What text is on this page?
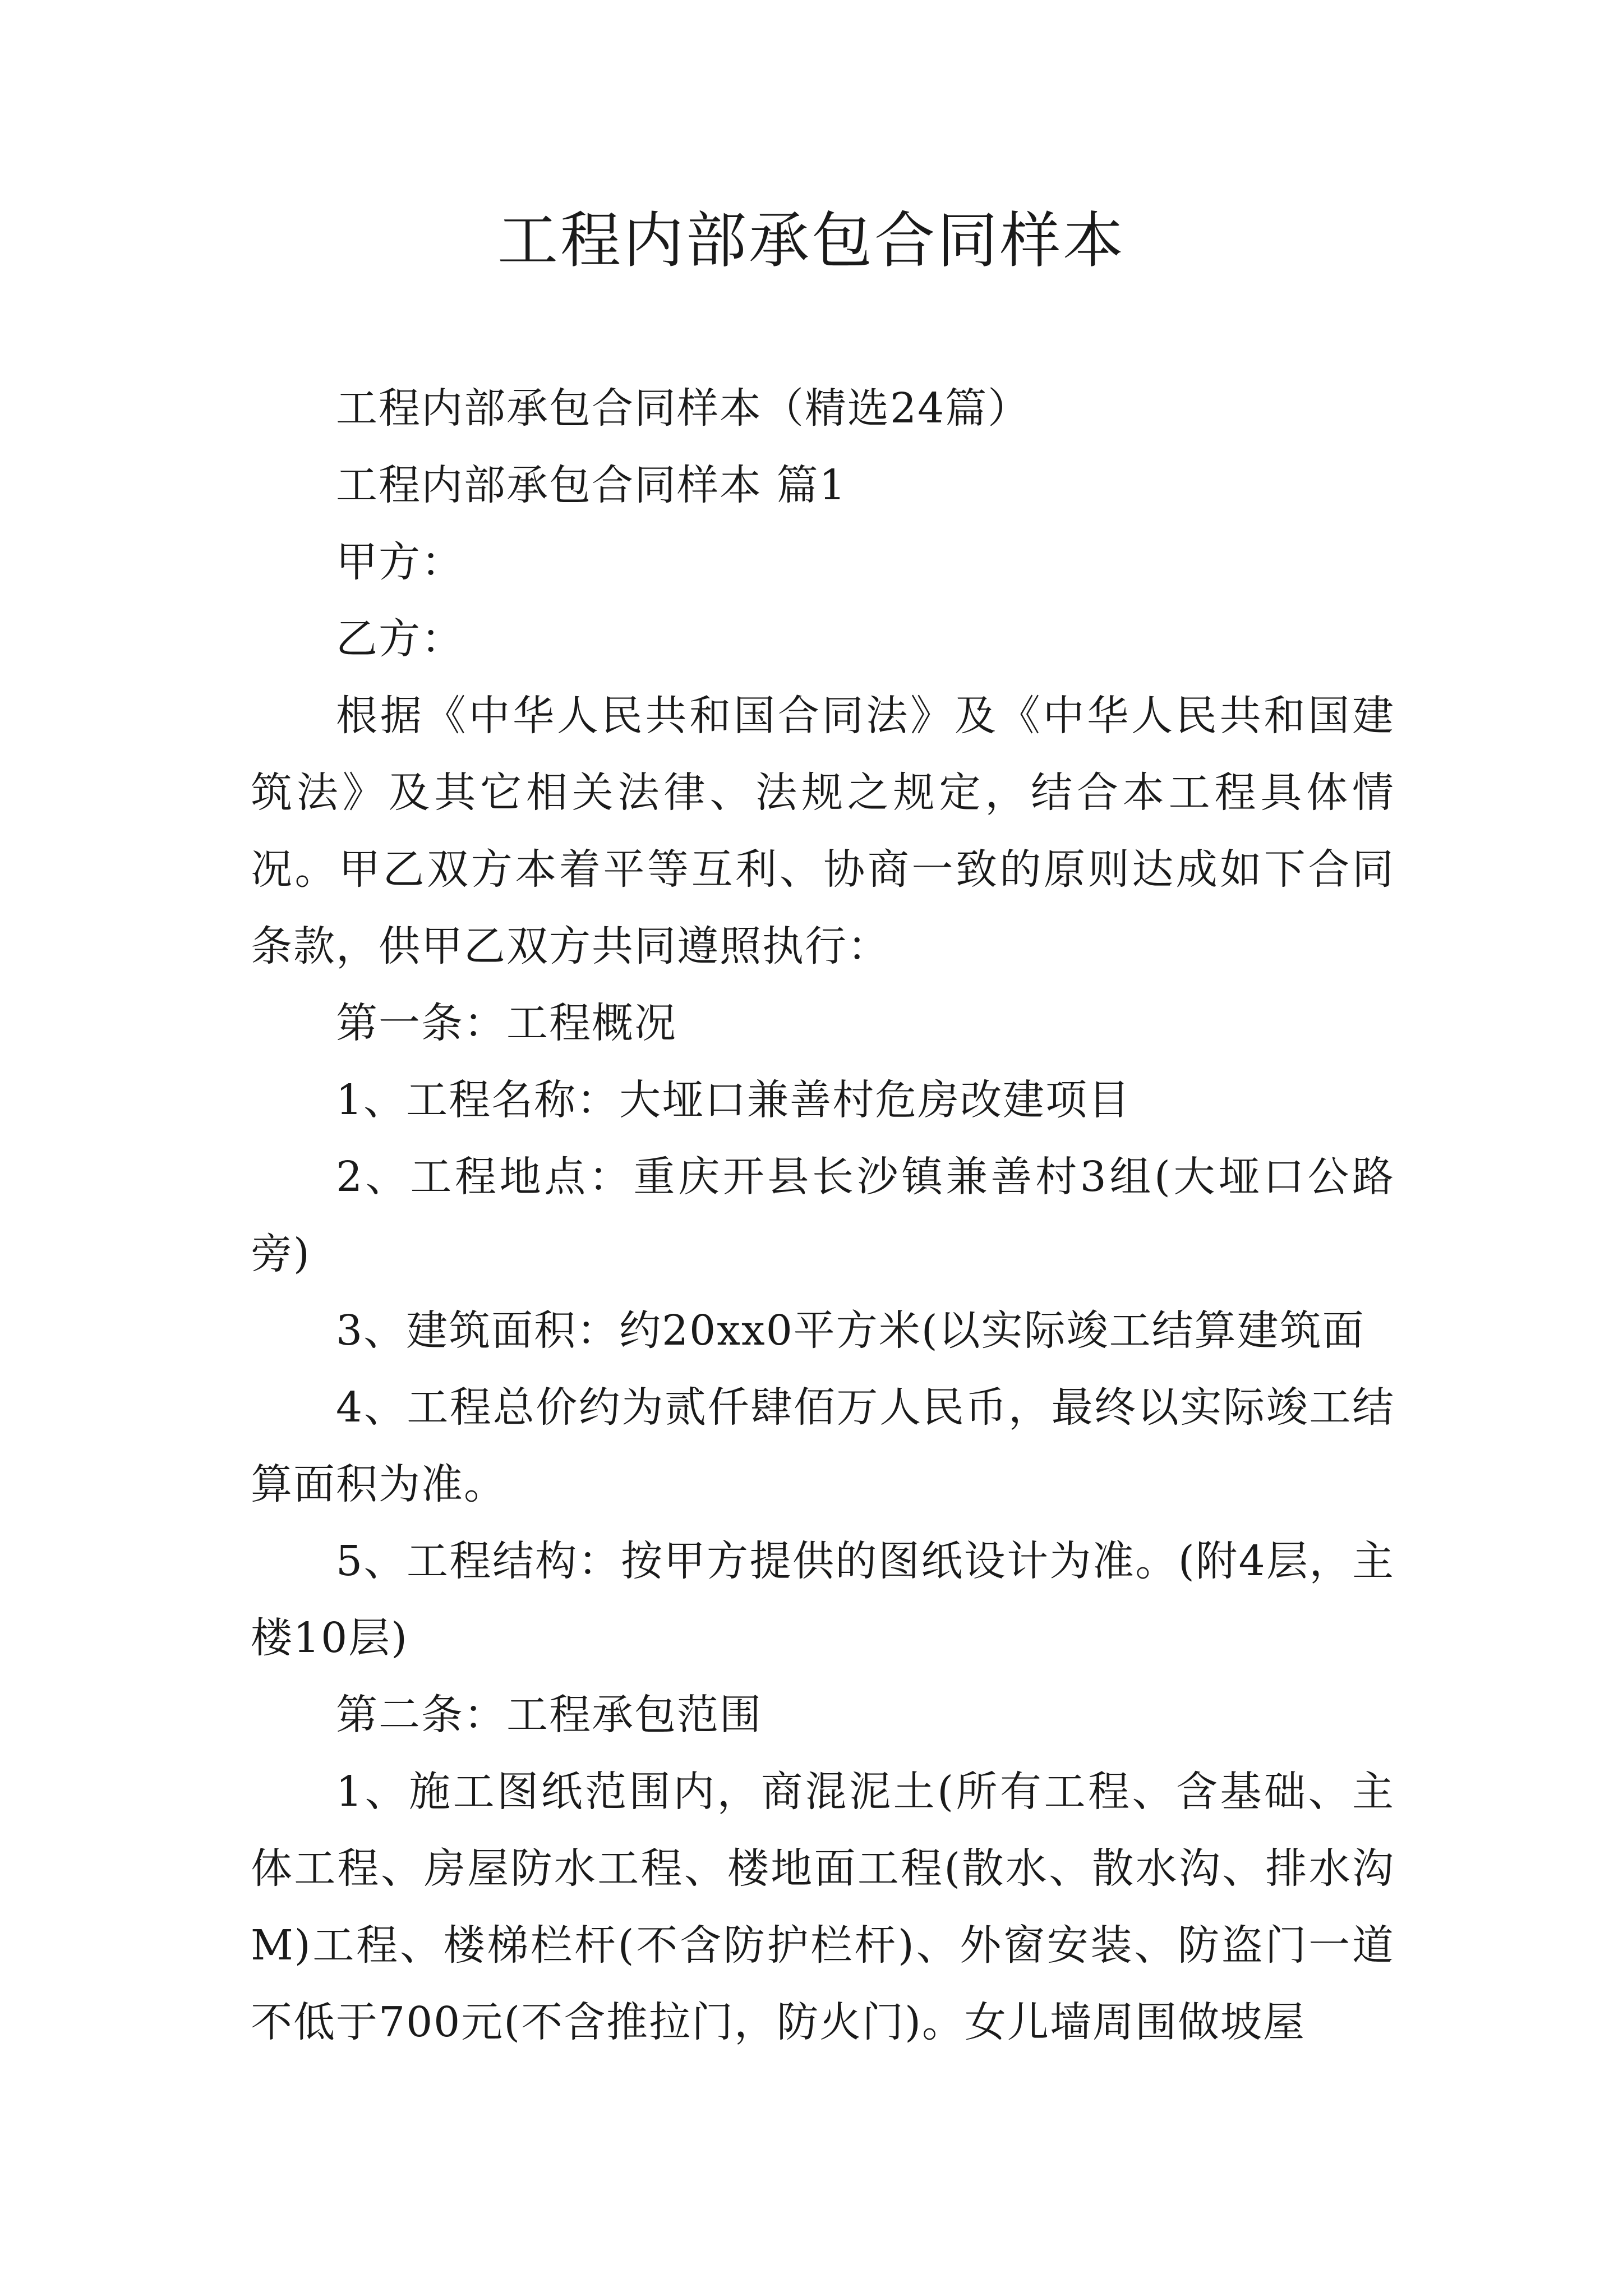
工程内部承包合同样本

工程内部承包合同样本（精选24篇）

工程内部承包合同样本 篇1

甲方：

乙方：

根据《中华人民共和国合同法》及《中华人民共和国建筑法》及其它相关法律、法规之规定，结合本工程具体情况。甲乙双方本着平等互利、协商一致的原则达成如下合同条款，供甲乙双方共同遵照执行：

第一条：工程概况

1、工程名称：大垭口兼善村危房改建项目

2、工程地点：重庆开县长沙镇兼善村3组(大垭口公路旁)

3、建筑面积：约20xx0平方米(以实际竣工结算建筑面

4、工程总价约为贰仟肆佰万人民币，最终以实际竣工结算面积为准。

5、工程结构：按甲方提供的图纸设计为准。(附4层，主楼10层)

第二条：工程承包范围

1、施工图纸范围内，商混泥土(所有工程、含基础、主体工程、房屋防水工程、楼地面工程(散水、散水沟、排水沟M)工程、楼梯栏杆(不含防护栏杆)、外窗安装、防盗门一道不低于700元(不含推拉门，防火门)。女儿墙周围做坡屋
